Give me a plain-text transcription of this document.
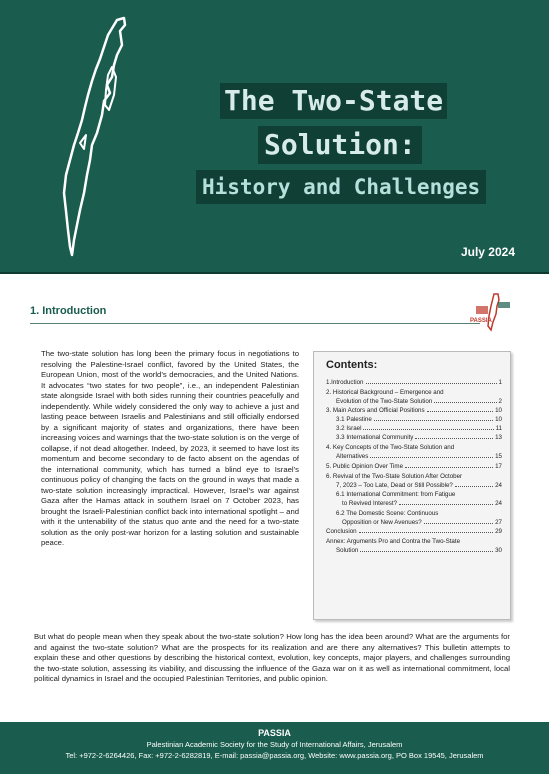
The Two-State
Solution:
History and Challenges
July 2024
1. Introduction
PASSIA
The two-state solution has long been the primary focus in negotiations to resolving the Palestine-Israel conflict, favored by the United States, the European Union, most of the world’s democracies, and the United Nations. It advocates “two states for two people”, i.e., an independent Palestinian state alongside Israel with both sides running their countries peacefully and independently. While widely considered the only way to achieve a just and lasting peace between Israelis and Palestinians and still officially endorsed by a significant majority of states and organizations, there have been increasing voices and warnings that the two-state solution is on the verge of collapse, if not dead altogether. Indeed, by 2023, it seemed to have lost its momentum and become secondary to de facto absent on the agendas of the international community, which has turned a blind eye to Israel’s continuous policy of changing the facts on the ground in ways that made a two-state solution increasingly impractical. However, Israel’s war against Gaza after the Hamas attack in southern Israel on 7 October 2023, has brought the Israeli-Palestinian conflict back into international spotlight – and with it the untenability of the status quo ante and the need for a two-state solution as the only post-war horizon for a lasting solution and sustainable peace.
Contents:
1.Introduction	1
2. Historical Background – Emergence and
Evolution of the Two-State Solution	2
3. Main Actors and Official Positions	10
3.1 Palestine	10
3.2 Israel	11
3.3 International Community	13
4. Key Concepts of the Two-State Solution and
Alternatives	15
5. Public Opinion Over Time	17
6. Revival of the Two-State Solution After October
7, 2023 – Too Late, Dead or Still Possible?	24
6.1 International Commitment: from Fatigue
to Revived Interest?	24
6.2 The Domestic Scene: Continuous
Opposition or New Avenues?	27
Conclusion	29
Annex: Arguments Pro and Contra the Two-State
Solution	30
But what do people mean when they speak about the two-state solution? How long has the idea been around? What are the arguments for and against the two-state solution? What are the prospects for its realization and are there any alternatives? This bulletin attempts to explain these and other questions by describing the historical context, evolution, key concepts, major players, and challenges surrounding the two-state solution, assessing its viability, and discussing the influence of the Gaza war on it as well as international commitment, local political dynamics in Israel and the occupied Palestinian Territories, and public opinion.
PASSIA
Palestinian Academic Society for the Study of International Affairs, Jerusalem
Tel: +972-2-6264426, Fax: +972-2-6282819, E-mail: passia@passia.org, Website: www.passia.org, PO Box 19545, Jerusalem
